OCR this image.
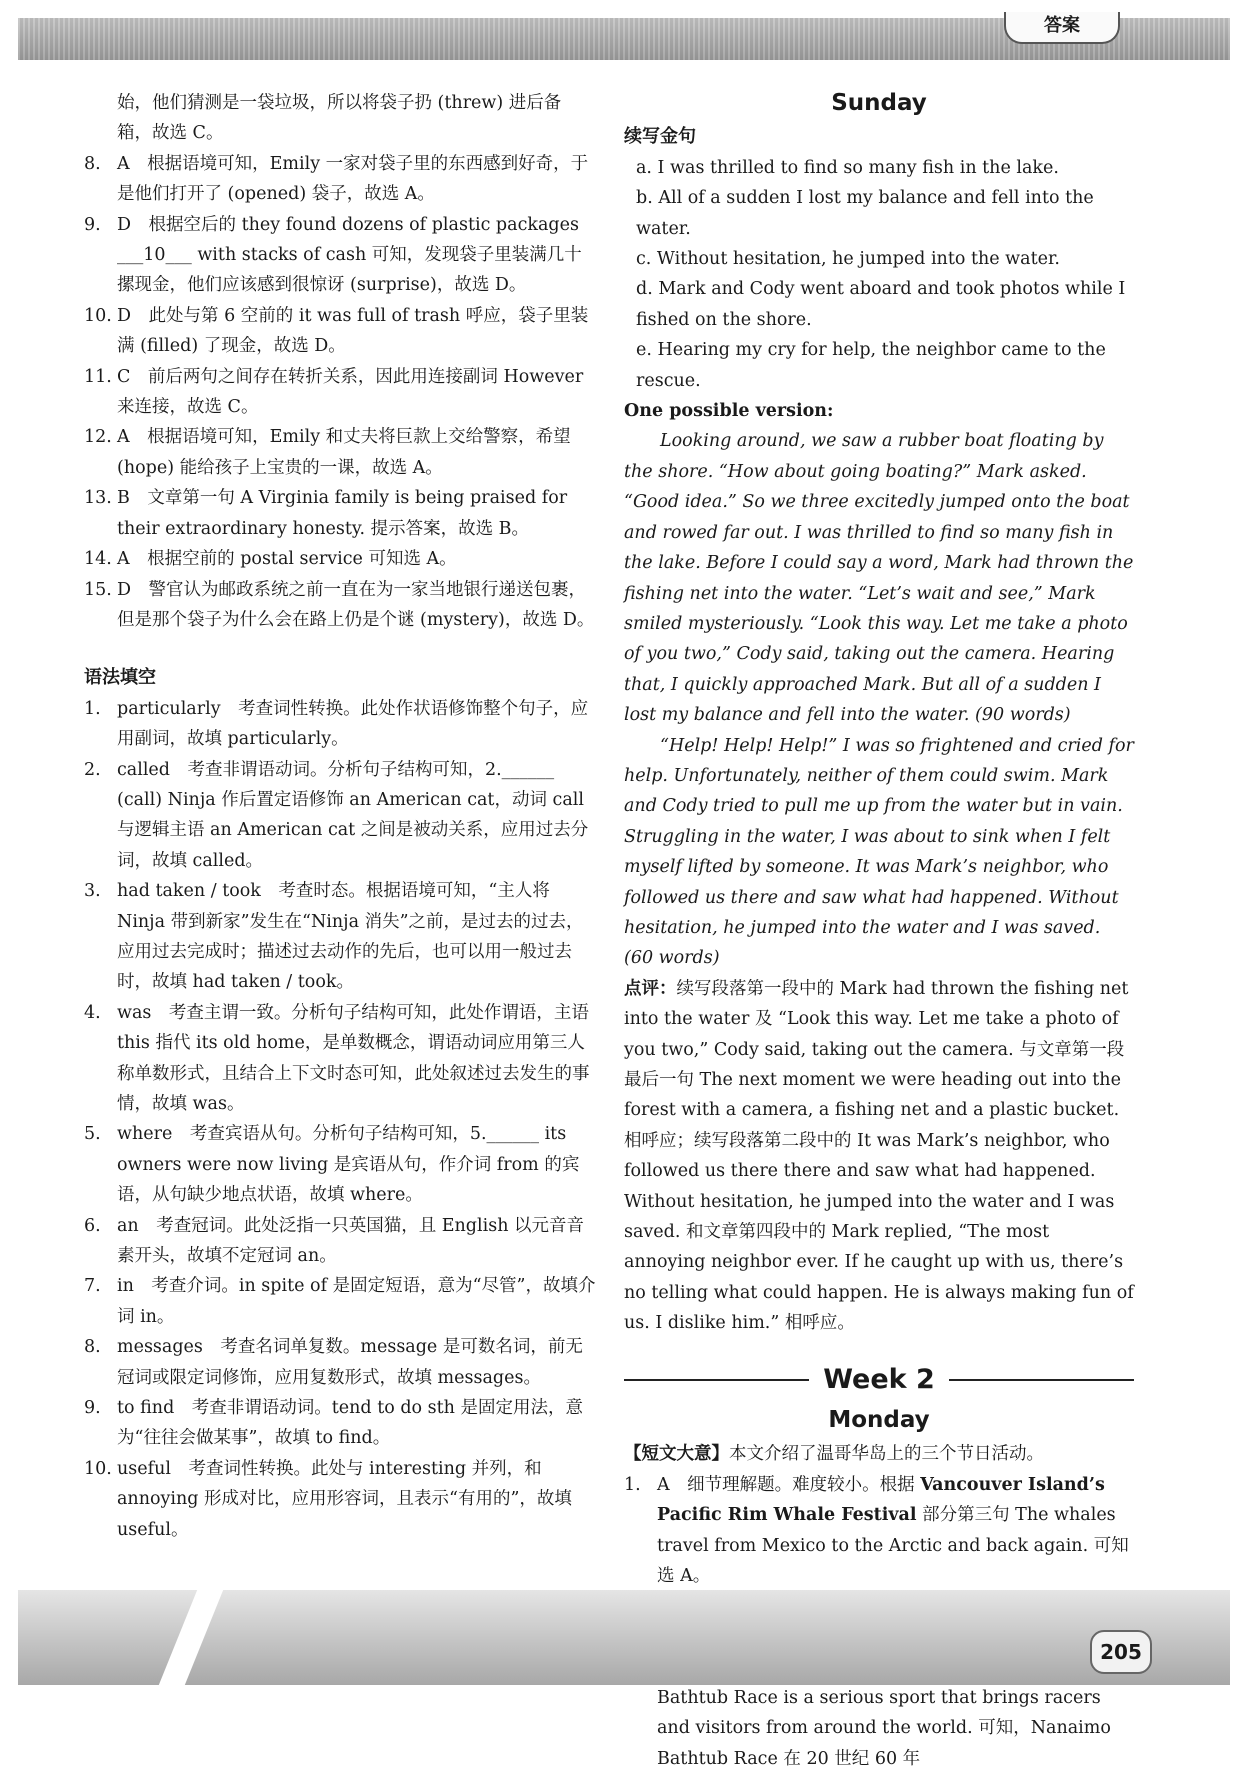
答案
始，他们猜测是一袋垃圾，所以将袋子扔 (threw) 进后备箱，故选 C。
8. A　根据语境可知，Emily 一家对袋子里的东西感到好奇，于是他们打开了 (opened) 袋子，故选 A。
9. D　根据空后的 they found dozens of plastic packages ___10___ with stacks of cash 可知，发现袋子里装满几十摞现金，他们应该感到很惊讶 (surprise)，故选 D。
10. D　此处与第 6 空前的 it was full of trash 呼应，袋子里装满 (filled) 了现金，故选 D。
11. C　前后两句之间存在转折关系，因此用连接副词 However 来连接，故选 C。
12. A　根据语境可知，Emily 和丈夫将巨款上交给警察，希望 (hope) 能给孩子上宝贵的一课，故选 A。
13. B　文章第一句 A Virginia family is being praised for their extraordinary honesty. 提示答案，故选 B。
14. A　根据空前的 postal service 可知选 A。
15. D　警官认为邮政系统之前一直在为一家当地银行递送包裹，但是那个袋子为什么会在路上仍是个谜 (mystery)，故选 D。
语法填空
1. particularly　考查词性转换。此处作状语修饰整个句子，应用副词，故填 particularly。
2. called　考查非谓语动词。分析句子结构可知，2.______ (call) Ninja 作后置定语修饰 an American cat，动词 call 与逻辑主语 an American cat 之间是被动关系，应用过去分词，故填 called。
3. had taken / took　考查时态。根据语境可知，“主人将 Ninja 带到新家”发生在“Ninja 消失”之前，是过去的过去，应用过去完成时；描述过去动作的先后，也可以用一般过去时，故填 had taken / took。
4. was　考查主谓一致。分析句子结构可知，此处作谓语，主语 this 指代 its old home，是单数概念，谓语动词应用第三人称单数形式，且结合上下文时态可知，此处叙述过去发生的事情，故填 was。
5. where　考查宾语从句。分析句子结构可知，5.______ its owners were now living 是宾语从句，作介词 from 的宾语，从句缺少地点状语，故填 where。
6. an　考查冠词。此处泛指一只英国猫，且 English 以元音音素开头，故填不定冠词 an。
7. in　考查介词。in spite of 是固定短语，意为“尽管”，故填介词 in。
8. messages　考查名词单复数。message 是可数名词，前无冠词或限定词修饰，应用复数形式，故填 messages。
9. to find　考查非谓语动词。tend to do sth 是固定用法，意为“往往会做某事”，故填 to find。
10. useful　考查词性转换。此处与 interesting 并列，和 annoying 形成对比，应用形容词，且表示“有用的”，故填 useful。
Sunday
续写金句
a. I was thrilled to find so many fish in the lake.
b. All of a sudden I lost my balance and fell into the water.
c. Without hesitation, he jumped into the water.
d. Mark and Cody went aboard and took photos while I fished on the shore.
e. Hearing my cry for help, the neighbor came to the rescue.
One possible version:

Looking around, we saw a rubber boat floating by the shore. “How about going boating?” Mark asked. “Good idea.” So we three excitedly jumped onto the boat and rowed far out. I was thrilled to find so many fish in the lake. Before I could say a word, Mark had thrown the fishing net into the water. “Let’s wait and see,” Mark smiled mysteriously. “Look this way. Let me take a photo of you two,” Cody said, taking out the camera. Hearing that, I quickly approached Mark. But all of a sudden I lost my balance and fell into the water. (90 words)

“Help! Help! Help!” I was so frightened and cried for help. Unfortunately, neither of them could swim. Mark and Cody tried to pull me up from the water but in vain. Struggling in the water, I was about to sink when I felt myself lifted by someone. It was Mark’s neighbor, who followed us there and saw what had happened. Without hesitation, he jumped into the water and I was saved. (60 words)

点评：续写段落第一段中的 Mark had thrown the fishing net into the water 及 “Look this way. Let me take a photo of you two,” Cody said, taking out the camera. 与文章第一段最后一句 The next moment we were heading out into the forest with a camera, a fishing net and a plastic bucket. 相呼应；续写段落第二段中的 It was Mark’s neighbor, who followed us there there and saw what had happened. Without hesitation, he jumped into the water and I was saved. 和文章第四段中的 Mark replied, “The most annoying neighbor ever. If he caught up with us, there’s no telling what could happen. He is always making fun of us. I dislike him.” 相呼应。
Week 2
Monday
【短文大意】本文介绍了温哥华岛上的三个节日活动。
1. A　细节理解题。难度较小。根据 Vancouver Island’s Pacific Rim Whale Festival 部分第三句 The whales travel from Mexico to the Arctic and back again. 可知选 A。
Bathtub Race is a serious sport that brings racers and visitors from around the world. 可知，Nanaimo Bathtub Race 在 20 世纪 60 年
205
